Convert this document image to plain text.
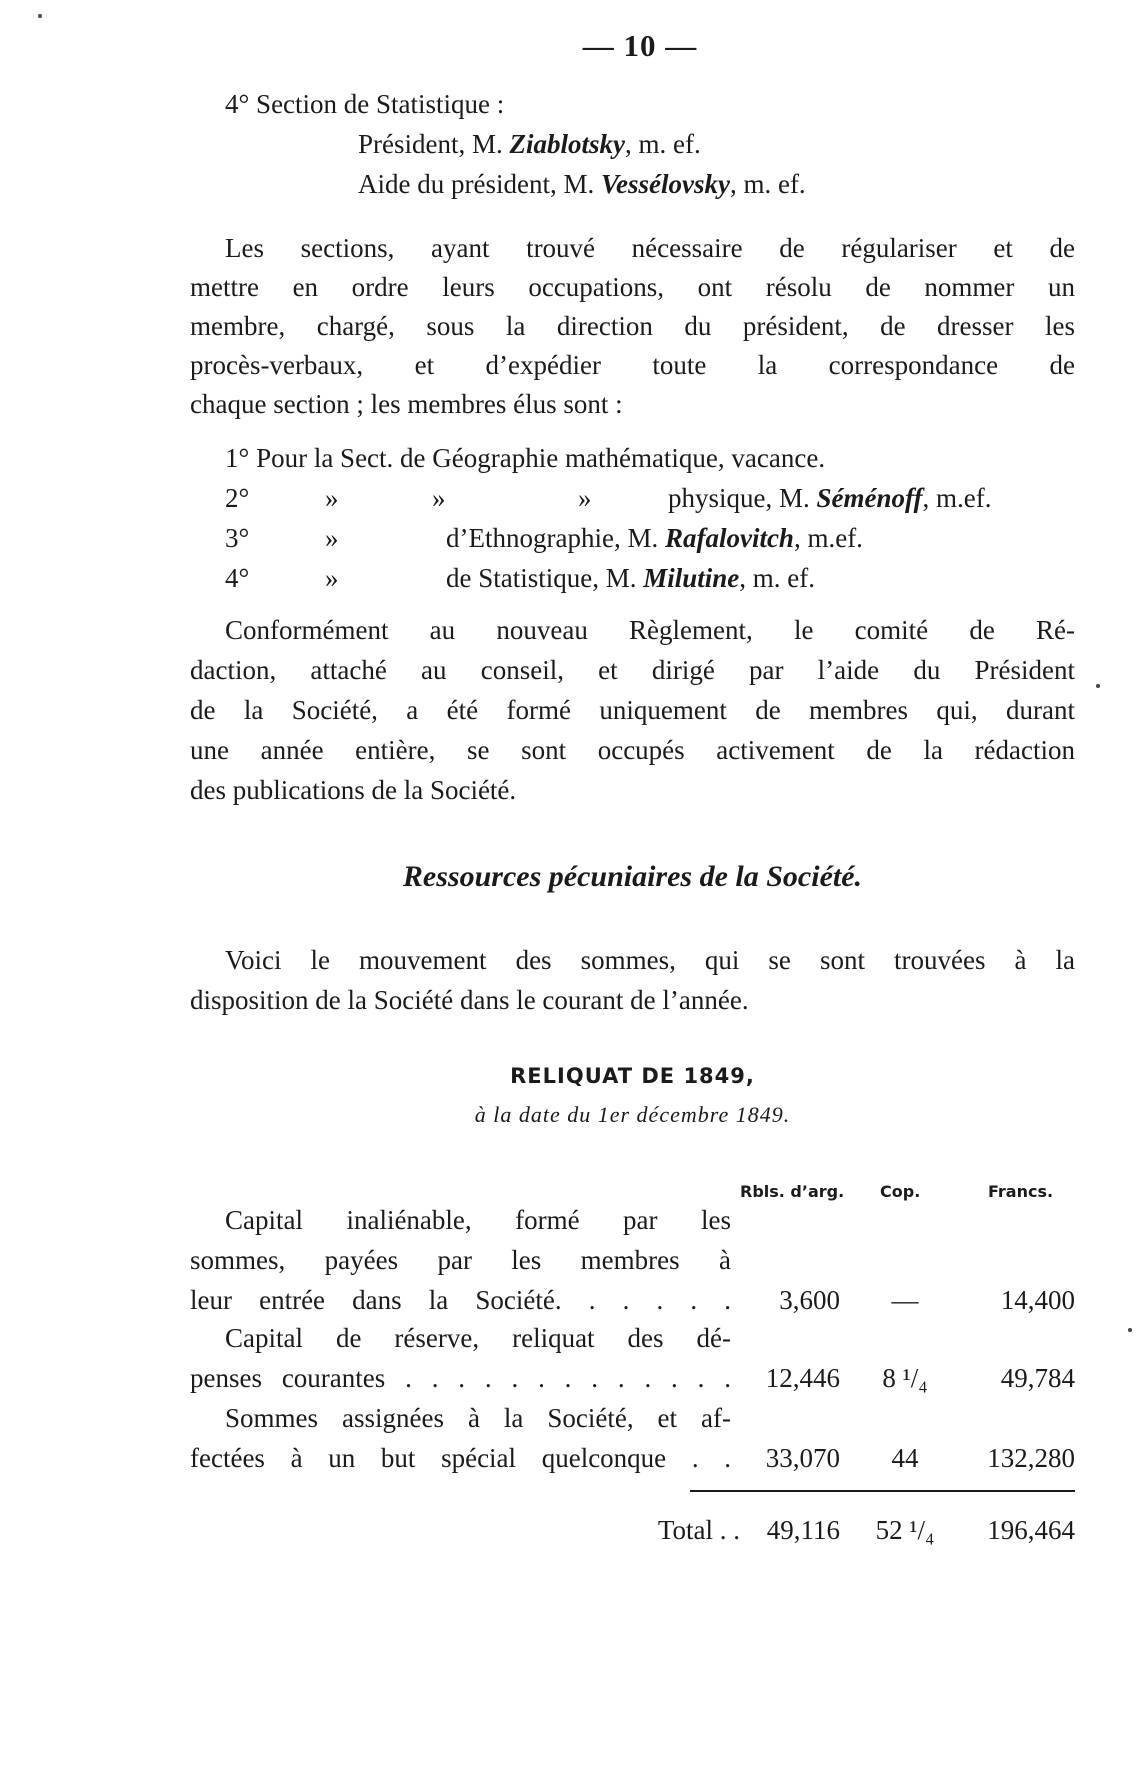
— 10 —
4° Section de Statistique :
Président, M. Ziablotsky, m. ef.
Aide du président, M. Vessélovsky, m. ef.
Les sections, ayant trouvé nécessaire de régulariser et de
mettre en ordre leurs occupations, ont résolu de nommer un
membre, chargé, sous la direction du président, de dresser les
procès-verbaux, et d’expédier toute la correspondance de
chaque section ; les membres élus sont :
1° Pour la Sect. de Géographie mathématique, vacance.
2°	»	»	»	physique, M. Séménoff, m.ef.
3°	»	d’Ethnographie, M. Rafalovitch, m.ef.
4°	»	de Statistique, M. Milutine, m. ef.
Conformément au nouveau Règlement, le comité de Ré-
daction, attaché au conseil, et dirigé par l’aide du Président
de la Société, a été formé uniquement de membres qui, durant
une année entière, se sont occupés activement de la rédaction
des publications de la Société.
Ressources pécuniaires de la Société.
Voici le mouvement des sommes, qui se sont trouvées à la
disposition de la Société dans le courant de l’année.
RELIQUAT DE 1849,
à la date du 1er décembre 1849.
Rbls. d’arg. Cop.	Francs.
Capital inaliénable, formé par les
sommes, payées par les membres à
leur entrée dans la Société. . . . . .	3,600	—	14,400
Capital de réserve, reliquat des dé-
penses courantes . . . . . . . . . . . . .	12,446	8 ¹/₄	49,784
Sommes assignées à la Société, et af-
fectées à un but spécial quelconque . .	33,070	44	132,280
Total . . 49,116	52 ¹/₄	196,464
